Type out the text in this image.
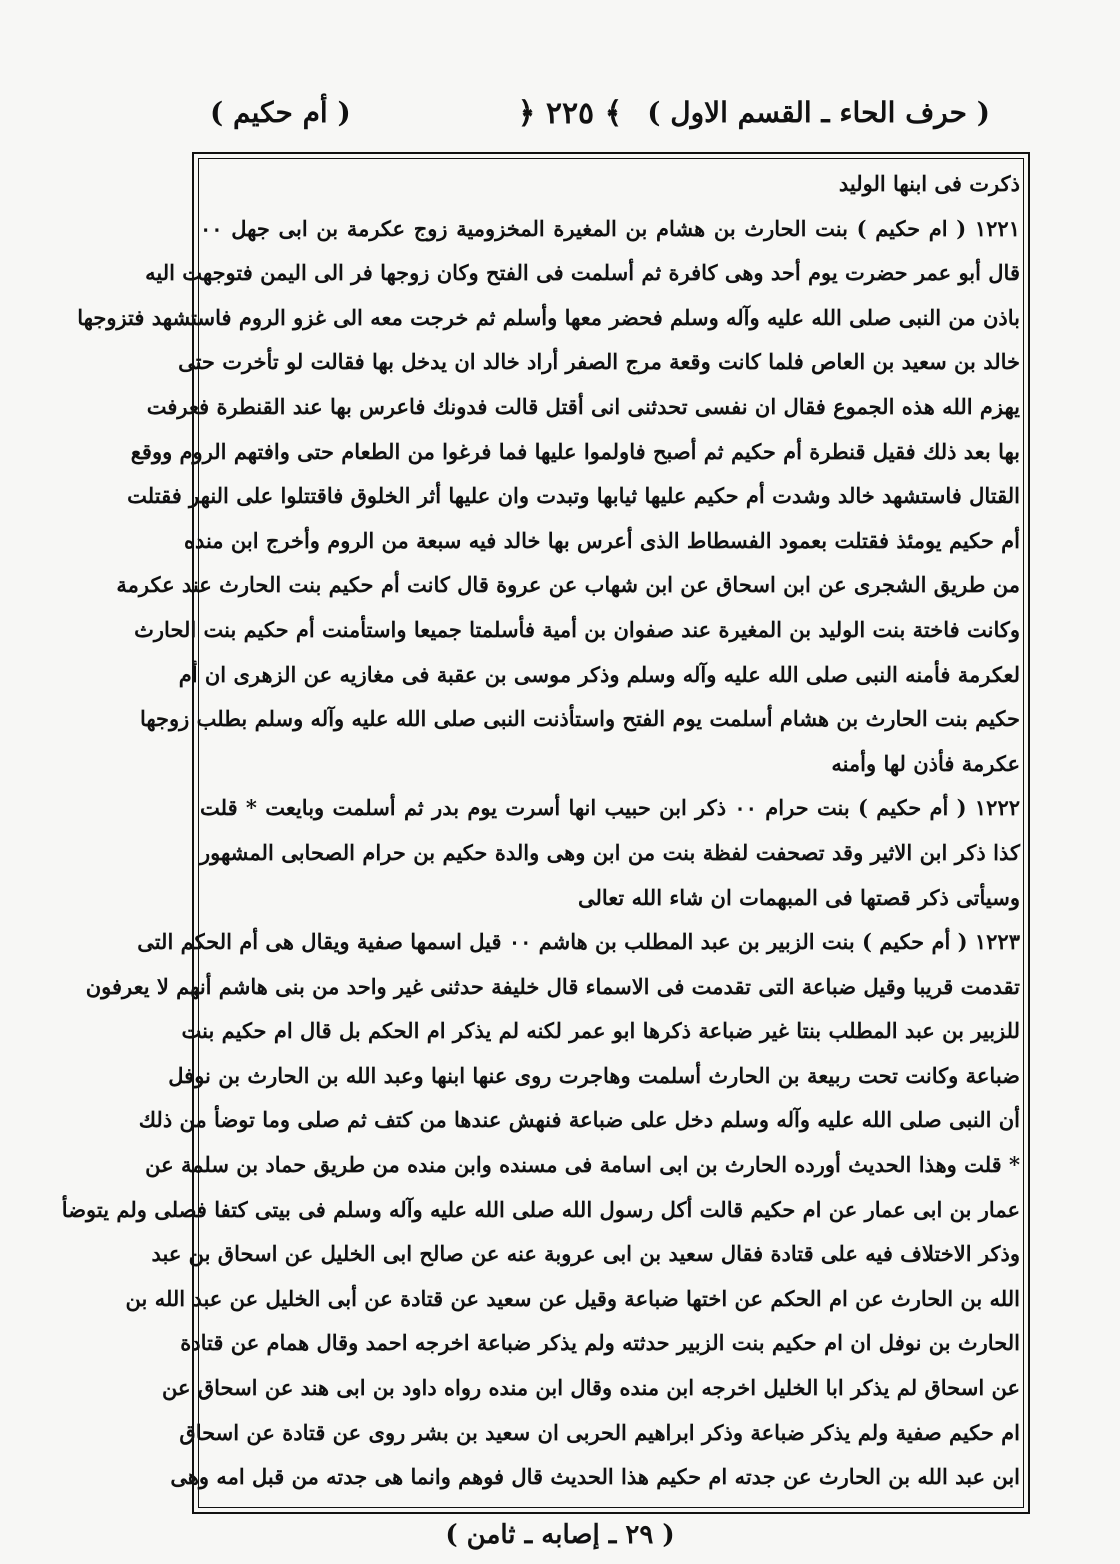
( حرف الحاء ـ القسم الاول )
﴾ ٢٢٥ ﴿
( أم حكيم )
ذكرت فى ابنها الوليد
١٢٢١ ( ام حكيم ) بنت الحارث بن هشام بن المغيرة المخزومية زوج عكرمة بن ابى جهل ٠٠
قال أبو عمر حضرت يوم أحد وهى كافرة ثم أسلمت فى الفتح وكان زوجها فر الى اليمن فتوجهت اليه
باذن من النبى صلى الله عليه وآله وسلم فحضر معها وأسلم ثم خرجت معه الى غزو الروم فاستشهد فتزوجها
خالد بن سعيد بن العاص فلما كانت وقعة مرج الصفر أراد خالد ان يدخل بها فقالت لو تأخرت حتى
يهزم الله هذه الجموع فقال ان نفسى تحدثنى انى أقتل قالت فدونك فاعرس بها عند القنطرة فعرفت
بها بعد ذلك فقيل قنطرة أم حكيم ثم أصبح فاولموا عليها فما فرغوا من الطعام حتى وافتهم الروم ووقع
القتال فاستشهد خالد وشدت أم حكيم عليها ثيابها وتبدت وان عليها أثر الخلوق فاقتتلوا على النهر فقتلت
أم حكيم يومئذ فقتلت بعمود الفسطاط الذى أعرس بها خالد فيه سبعة من الروم وأخرج ابن منده
من طريق الشجرى عن ابن اسحاق عن ابن شهاب عن عروة قال كانت أم حكيم بنت الحارث عند عكرمة
وكانت فاختة بنت الوليد بن المغيرة عند صفوان بن أمية فأسلمتا جميعا واستأمنت أم حكيم بنت الحارث
لعكرمة فأمنه النبى صلى الله عليه وآله وسلم وذكر موسى بن عقبة فى مغازيه عن الزهرى ان أم
حكيم بنت الحارث بن هشام أسلمت يوم الفتح واستأذنت النبى صلى الله عليه وآله وسلم بطلب زوجها
عكرمة فأذن لها وأمنه
١٢٢٢ ( أم حكيم ) بنت حرام ٠٠ ذكر ابن حبيب انها أسرت يوم بدر ثم أسلمت وبايعت * قلت
كذا ذكر ابن الاثير وقد تصحفت لفظة بنت من ابن وهى والدة حكيم بن حرام الصحابى المشهور
وسيأتى ذكر قصتها فى المبهمات ان شاء الله تعالى
١٢٢٣ ( أم حكيم ) بنت الزبير بن عبد المطلب بن هاشم ٠٠ قيل اسمها صفية ويقال هى أم الحكم التى
تقدمت قريبا وقيل ضباعة التى تقدمت فى الاسماء قال خليفة حدثنى غير واحد من بنى هاشم أنهم لا يعرفون
للزبير بن عبد المطلب بنتا غير ضباعة ذكرها ابو عمر لكنه لم يذكر ام الحكم بل قال ام حكيم بنت
ضباعة وكانت تحت ربيعة بن الحارث أسلمت وهاجرت روى عنها ابنها وعبد الله بن الحارث بن نوفل
أن النبى صلى الله عليه وآله وسلم دخل على ضباعة فنهش عندها من كتف ثم صلى وما توضأ من ذلك
* قلت وهذا الحديث أورده الحارث بن ابى اسامة فى مسنده وابن منده من طريق حماد بن سلمة عن
عمار بن ابى عمار عن ام حكيم قالت أكل رسول الله صلى الله عليه وآله وسلم فى بيتى كتفا فصلى ولم يتوضأ
وذكر الاختلاف فيه على قتادة فقال سعيد بن ابى عروبة عنه عن صالح ابى الخليل عن اسحاق بن عبد
الله بن الحارث عن ام الحكم عن اختها ضباعة وقيل عن سعيد عن قتادة عن أبى الخليل عن عبد الله بن
الحارث بن نوفل ان ام حكيم بنت الزبير حدثته ولم يذكر ضباعة اخرجه احمد وقال همام عن قتادة
عن اسحاق لم يذكر ابا الخليل اخرجه ابن منده وقال ابن منده رواه داود بن ابى هند عن اسحاق عن
ام حكيم صفية ولم يذكر ضباعة وذكر ابراهيم الحربى ان سعيد بن بشر روى عن قتادة عن اسحاق
ابن عبد الله بن الحارث عن جدته ام حكيم هذا الحديث قال فوهم وانما هى جدته من قبل امه وهى
( ٢٩ ـ إصابه ـ ثامن )
